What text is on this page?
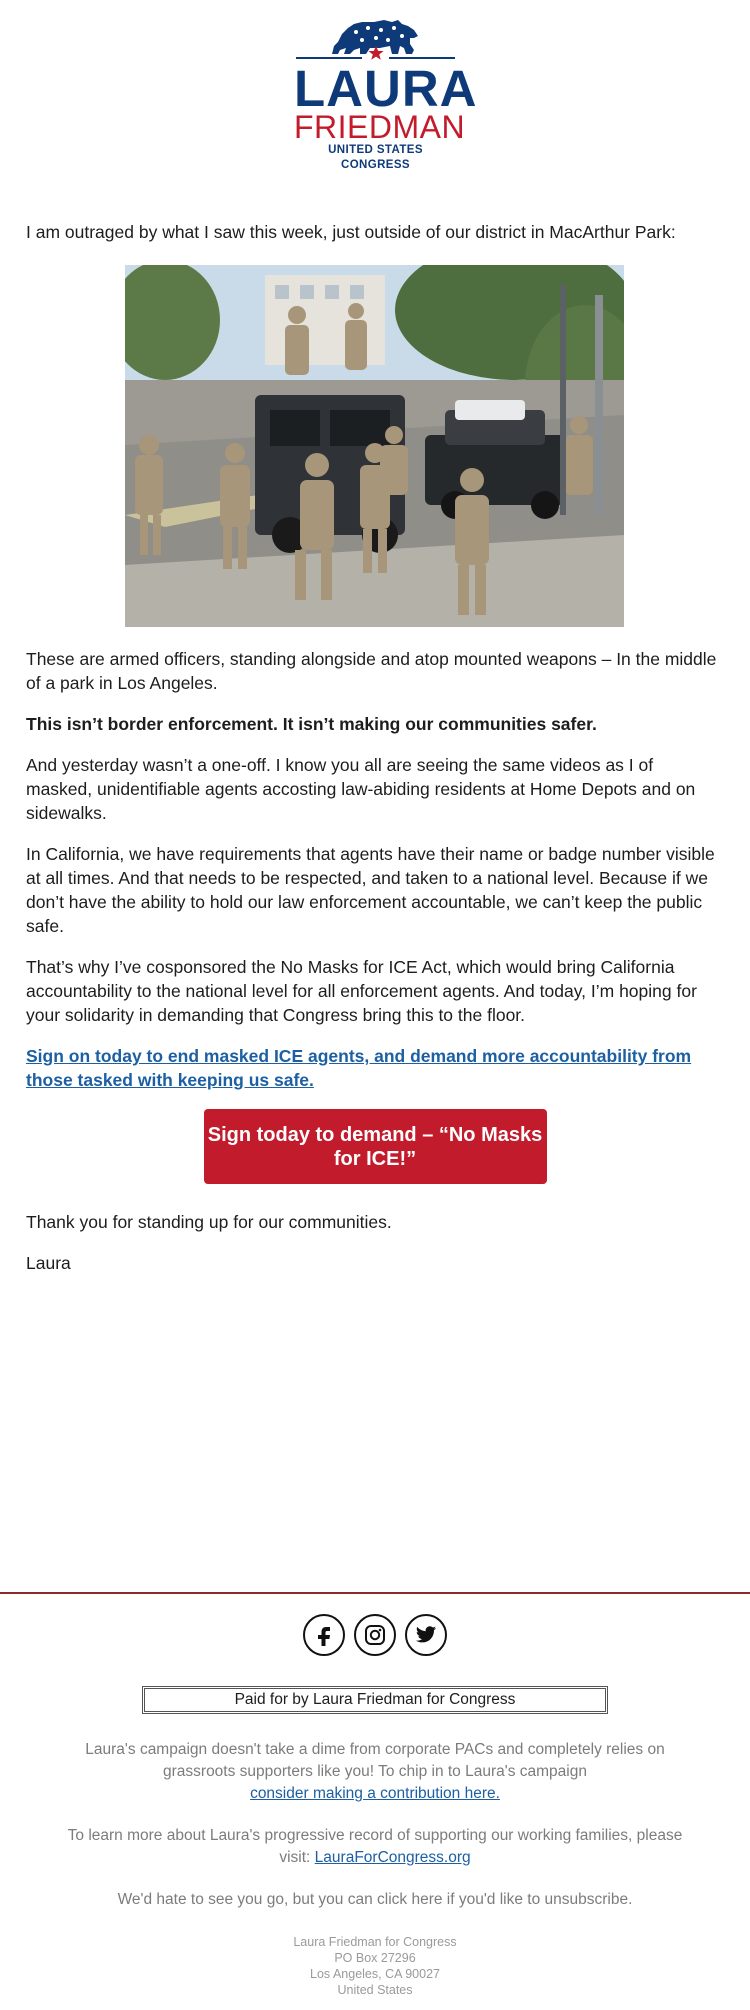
LAURA
FRIEDMAN
UNITED STATES CONGRESS

I am outraged by what I saw this week, just outside of our district in MacArthur Park:

These are armed officers, standing alongside and atop mounted weapons – In the middle of a park in Los Angeles.

This isn’t border enforcement. It isn’t making our communities safer.

And yesterday wasn’t a one-off. I know you all are seeing the same videos as I of masked, unidentifiable agents accosting law-abiding residents at Home Depots and on sidewalks.

In California, we have requirements that agents have their name or badge number visible at all times. And that needs to be respected, and taken to a national level. Because if we don’t have the ability to hold our law enforcement accountable, we can’t keep the public safe.

That’s why I’ve cosponsored the No Masks for ICE Act, which would bring California accountability to the national level for all enforcement agents. And today, I’m hoping for your solidarity in demanding that Congress bring this to the floor.

Sign on today to end masked ICE agents, and demand more accountability from those tasked with keeping us safe.

Sign today to demand – “No Masks for ICE!”

Thank you for standing up for our communities.

Laura

Paid for by Laura Friedman for Congress

Laura's campaign doesn't take a dime from corporate PACs and completely relies on grassroots supporters like you! To chip in to Laura's campaign
consider making a contribution here.

To learn more about Laura's progressive record of supporting our working families, please visit: LauraForCongress.org

We'd hate to see you go, but you can click here if you'd like to unsubscribe.

Laura Friedman for Congress
PO Box 27296
Los Angeles, CA 90027
United States
